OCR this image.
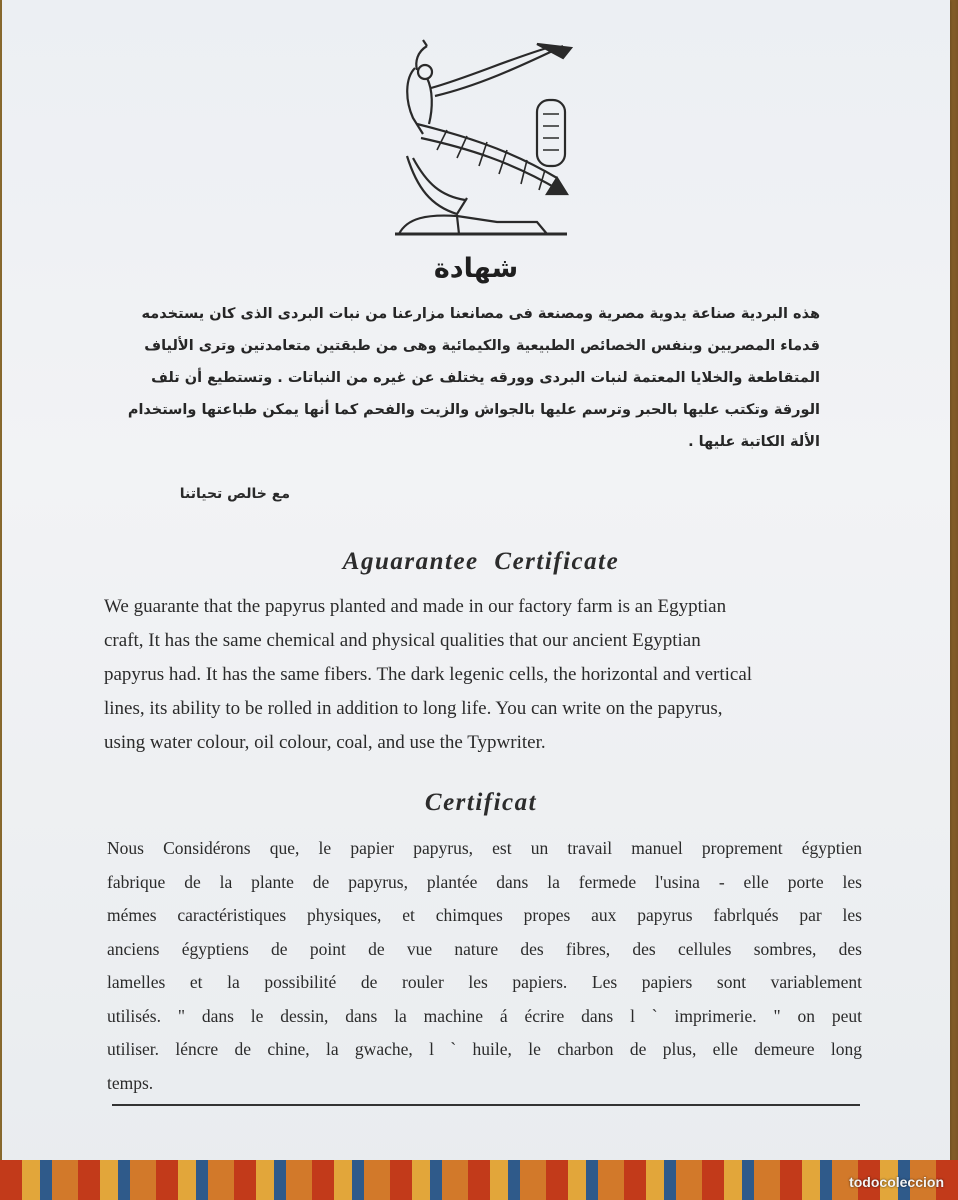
شهادة
هذه البردية صناعة يدوية مصرية ومصنعة فى مصانعنا مزارعنا من نبات البردى الذى كان يستخدمه
قدماء المصريين وبنفس الخصائص الطبيعية والكيمائية وهى من طبقتين متعامدتين وترى الألياف
المتقاطعة والخلايا المعتمة لنبات البردى وورقه يختلف عن غيره من النباتات . وتستطيع أن تلف
الورقة وتكتب عليها بالحبر وترسم عليها بالجواش والزيت والفحم كما أنها يمكن طباعتها واستخدام
الألة الكاتبة عليها .
مع خالص تحياتنا
Aguarantee Certificate
We guarante that the papyrus planted and made in our factory farm is an Egyptian
craft, It has the same chemical and physical qualities that our ancient Egyptian
papyrus had. It has the same fibers. The dark legenic cells, the horizontal and vertical
lines, its ability to be rolled in addition to long life. You can write on the papyrus,
using water colour, oil colour, coal, and use the Typwriter.
Certificat
Nous Considérons que, le papier papyrus, est un travail manuel proprement égyptien
fabrique de la plante de papyrus, plantée dans la fermede l'usina - elle porte les
mémes caractéristiques physiques, et chimques propes aux papyrus fabrlqués par les
anciens égyptiens de point de vue nature des fibres, des cellules sombres, des
lamelles et la possibilité de rouler les papiers. Les papiers sont variablement
utilisés. " dans le dessin, dans la machine á écrire dans l ` imprimerie. " on peut
utiliser. léncre de chine, la gwache, l ` huile, le charbon de plus, elle demeure long
temps.
todocoleccion
